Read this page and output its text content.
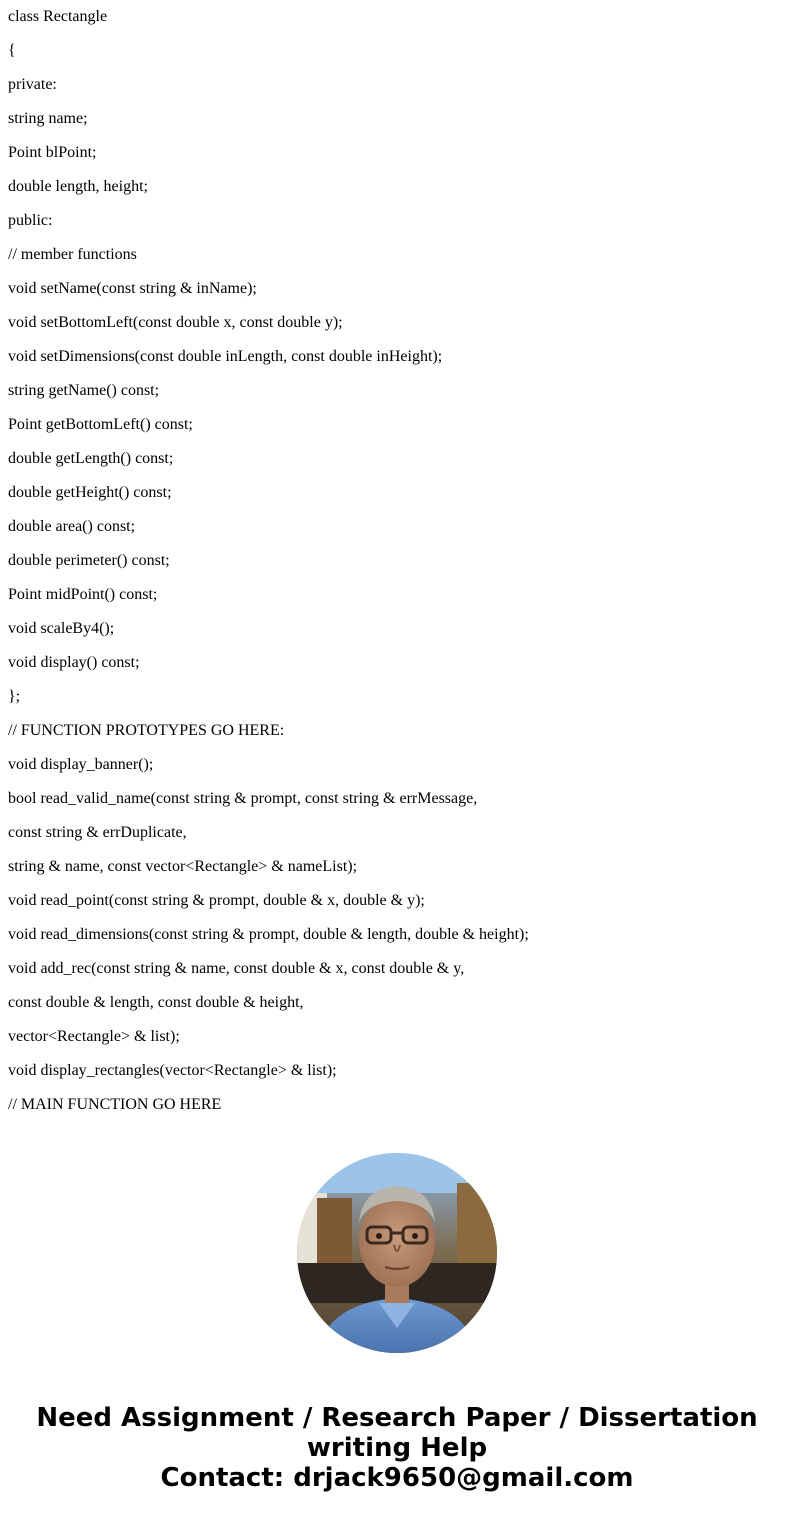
class Rectangle
{
private:
string name;
Point blPoint;
double length, height;
public:
// member functions
void setName(const string & inName);
void setBottomLeft(const double x, const double y);
void setDimensions(const double inLength, const double inHeight);
string getName() const;
Point getBottomLeft() const;
double getLength() const;
double getHeight() const;
double area() const;
double perimeter() const;
Point midPoint() const;
void scaleBy4();
void display() const;
};
// FUNCTION PROTOTYPES GO HERE:
void display_banner();
bool read_valid_name(const string & prompt, const string & errMessage,
const string & errDuplicate,
string & name, const vector<Rectangle> & nameList);
void read_point(const string & prompt, double & x, double & y);
void read_dimensions(const string & prompt, double & length, double & height);
void add_rec(const string & name, const double & x, const double & y,
const double & length, const double & height,
vector<Rectangle> & list);
void display_rectangles(vector<Rectangle> & list);
// MAIN FUNCTION GO HERE
Need Assignment / Research Paper / Dissertation
writing Help
Contact: drjack9650@gmail.com
